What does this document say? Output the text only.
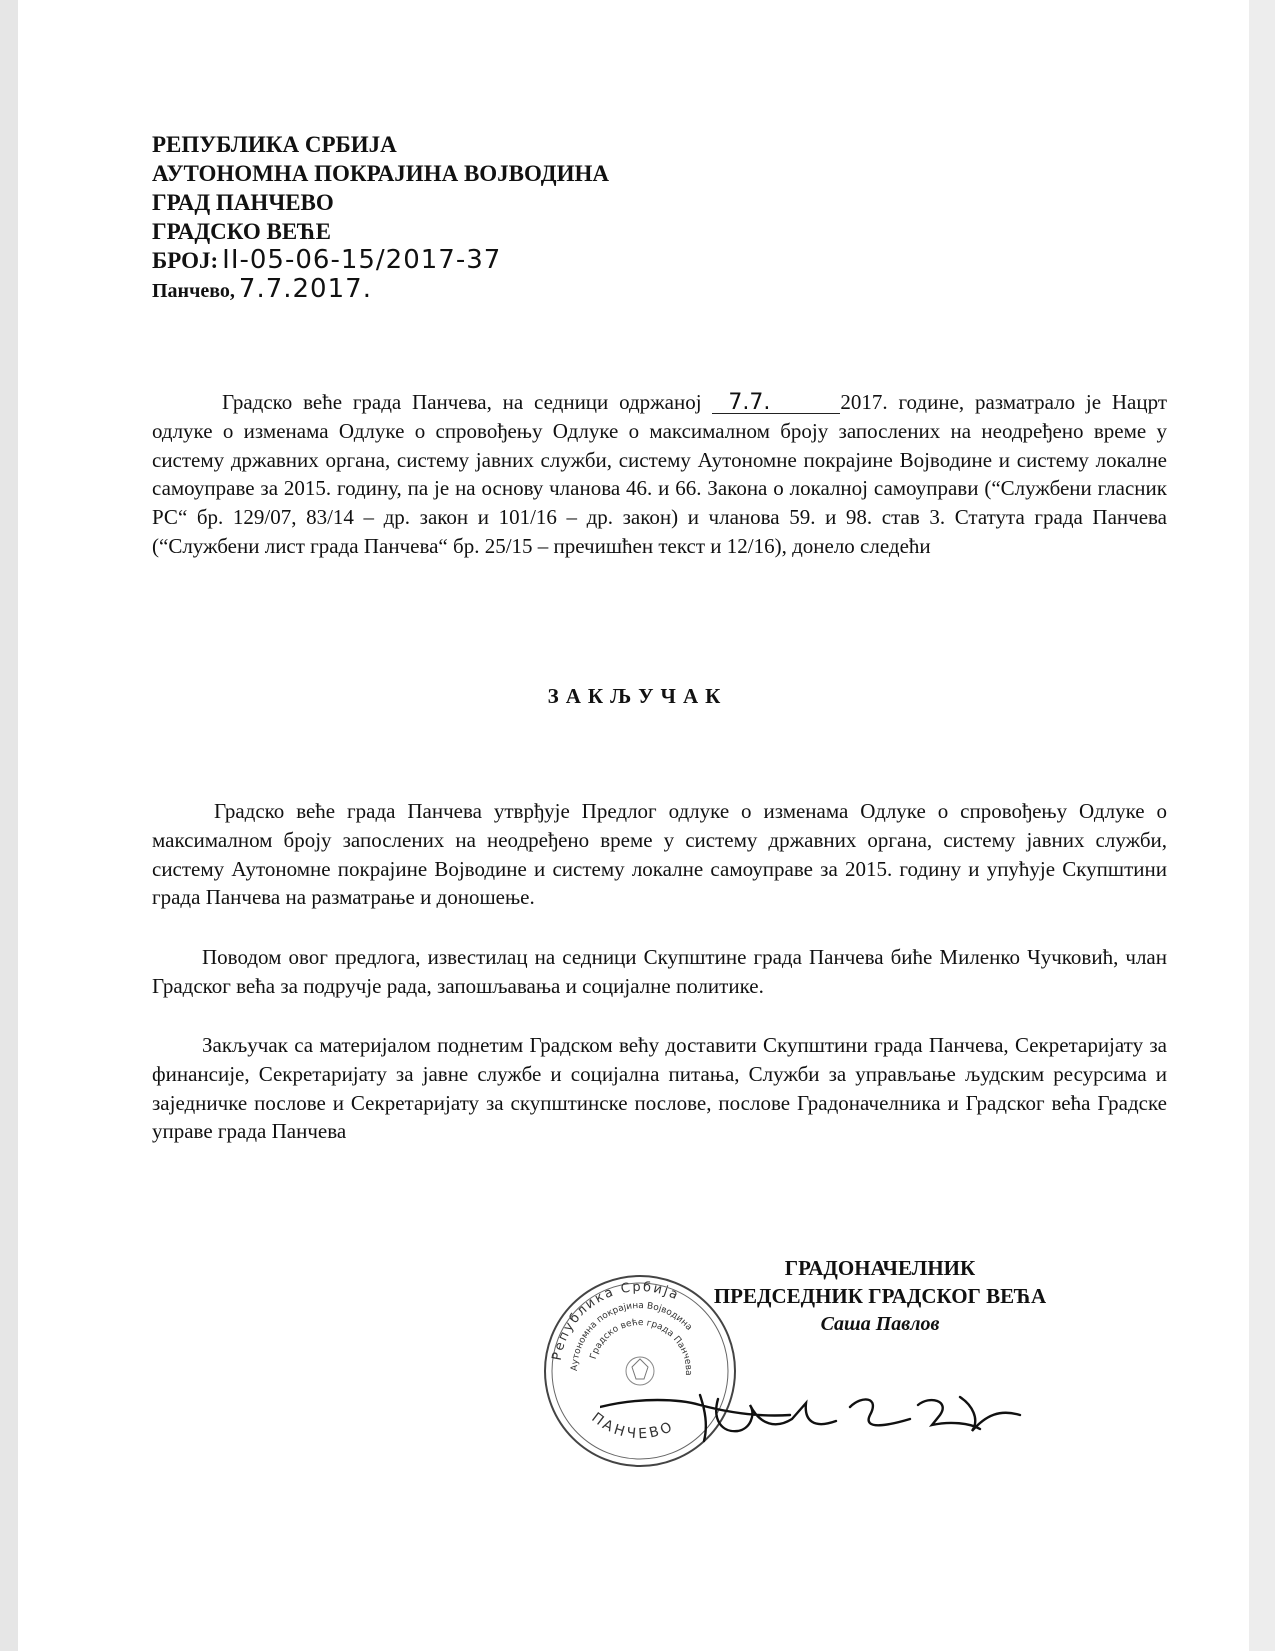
РЕПУБЛИКА СРБИЈА
АУТОНОМНА ПОКРАЈИНА ВОЈВОДИНА
ГРАД ПАНЧЕВО
ГРАДСКО ВЕЋЕ
БРОЈ: II-05-06-15/2017-37
Панчево, 7.7.2017.
Градско веће града Панчева, на седници одржаној 7.7.	2017. године, разматрало је Нацрт одлуке о изменама Одлуке о спровођењу Одлуке о максималном броју запослених на неодређено време у систему државних органа, систему јавних служби, систему Аутономне покрајине Војводине и систему локалне самоуправе за 2015. годину, па је на основу чланова 46. и 66. Закона о локалној самоуправи (“Службени гласник РС“ бр. 129/07, 83/14 – др. закон и 101/16 – др. закон) и чланова 59. и 98. став 3. Статута града Панчева (“Службени лист града Панчева“ бр. 25/15 – пречишћен текст и 12/16), донело следећи
ЗАКЉУЧАК
Градско веће града Панчева утврђује Предлог одлуке о изменама Одлуке о спровођењу Одлуке о максималном броју запослених на неодређено време у систему државних органа, систему јавних служби, систему Аутономне покрајине Војводине и систему локалне самоуправе за 2015. годину и упућује Скупштини града Панчева на разматрање и доношење.
Поводом овог предлога, известилац на седници Скупштине града Панчева биће Миленко Чучковић, члан Градског већа за подручје рада, запошљавања и социјалне политике.
Закључак са материјалом поднетим Градском већу доставити Скупштини града Панчева, Секретаријату за финансије, Секретаријату за јавне службе и социјална питања, Служби за управљање људским ресурсима и заједничке послове и Секретаријату за скупштинске послове, послове Градоначелника и Градског већа Градске управе града Панчева
Република Србија
Аутономна покрајина Војводина
Градско веће града Панчева
ПАНЧЕВО
ГРАДОНАЧЕЛНИК
ПРЕДСЕДНИК ГРАДСКОГ ВЕЋА
Саша Павлов
